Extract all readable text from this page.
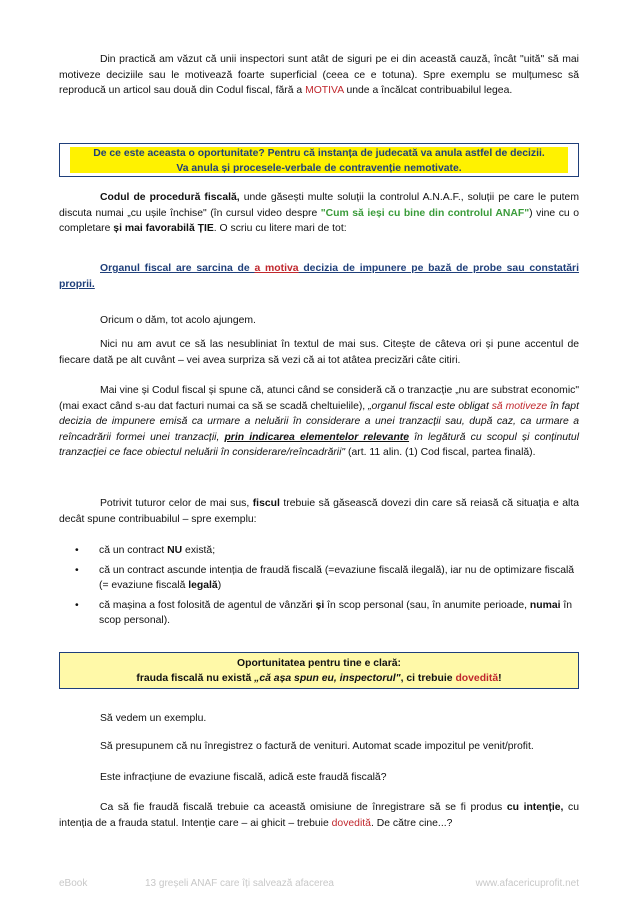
Din practică am văzut că unii inspectori sunt atât de siguri pe ei din această cauză, încât "uită" să mai motiveze deciziile sau le motivează foarte superficial (ceea ce e totuna). Spre exemplu se mulțumesc să reproducă un articol sau două din Codul fiscal, fără a MOTIVA unde a încălcat contribuabilul legea.

De ce este aceasta o oportunitate? Pentru că instanța de judecată va anula astfel de decizii.
Va anula și procesele-verbale de contravenție nemotivate.

Codul de procedură fiscală, unde găsești multe soluții la controlul A.N.A.F., soluții pe care le putem discuta numai „cu ușile închise" (în cursul video despre "Cum să ieși cu bine din controlul ANAF") vine cu o completare și mai favorabilă ȚIE. O scriu cu litere mari de tot:

Organul fiscal are sarcina de a motiva decizia de impunere pe bază de probe sau constatări proprii.

Oricum o dăm, tot acolo ajungem.

Nici nu am avut ce să las nesubliniat în textul de mai sus. Citește de câteva ori și pune accentul de fiecare dată pe alt cuvânt – vei avea surpriza să vezi că ai tot atâtea precizări câte citiri.

Mai vine și Codul fiscal și spune că, atunci când se consideră că o tranzacție „nu are substrat economic" (mai exact când s-au dat facturi numai ca să se scadă cheltuielile), „organul fiscal este obligat să motiveze în fapt decizia de impunere emisă ca urmare a neluării în considerare a unei tranzacții sau, după caz, ca urmare a reîncadrării formei unei tranzacții, prin indicarea elementelor relevante în legătură cu scopul și conținutul tranzacției ce face obiectul neluării în considerare/reîncadrării" (art. 11 alin. (1) Cod fiscal, partea finală).

Potrivit tuturor celor de mai sus, fiscul trebuie să găsească dovezi din care să reiasă că situația e alta decât spune contribuabilul – spre exemplu:

• că un contract NU există;
• că un contract ascunde intenția de fraudă fiscală (=evaziune fiscală ilegală), iar nu de optimizare fiscală (= evaziune fiscală legală)
• că mașina a fost folosită de agentul de vânzări și în scop personal (sau, în anumite perioade, numai în scop personal).
Oportunitatea pentru tine e clară:
frauda fiscală nu există „că așa spun eu, inspectorul", ci trebuie dovedită!

Să vedem un exemplu.

Să presupunem că nu înregistrez o factură de venituri. Automat scade impozitul pe venit/profit.

Este infracțiune de evaziune fiscală, adică este fraudă fiscală?

Ca să fie fraudă fiscală trebuie ca această omisiune de înregistrare să se fi produs cu intenție, cu intenția de a frauda statul. Intenție care – ai ghicit – trebuie dovedită. De către cine...?

eBook	13 greșeli ANAF care îți salvează afacerea	www.afacericuprofit.net
